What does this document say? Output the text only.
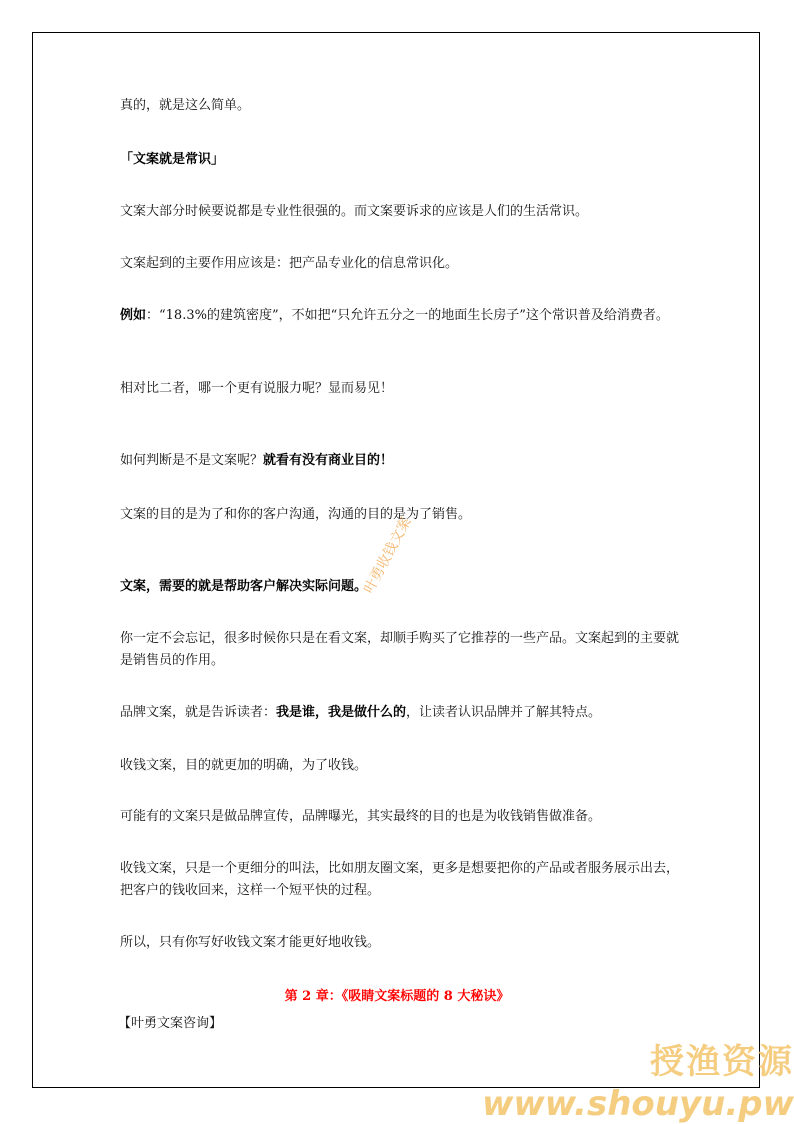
真的，就是这么简单。

「文案就是常识」

文案大部分时候要说都是专业性很强的。而文案要诉求的应该是人们的生活常识。

文案起到的主要作用应该是：把产品专业化的信息常识化。

例如：“18.3%的建筑密度”，不如把“只允许五分之一的地面生长房子”这个常识普及给消费者。

相对比二者，哪一个更有说服力呢？显而易见！

如何判断是不是文案呢？就看有没有商业目的！

文案的目的是为了和你的客户沟通，沟通的目的是为了销售。

文案，需要的就是帮助客户解决实际问题。

你一定不会忘记，很多时候你只是在看文案，却顺手购买了它推荐的一些产品。文案起到的主要就是销售员的作用。

品牌文案，就是告诉读者：我是谁，我是做什么的，让读者认识品牌并了解其特点。

收钱文案，目的就更加的明确，为了收钱。

可能有的文案只是做品牌宣传，品牌曝光，其实最终的目的也是为收钱销售做准备。

收钱文案，只是一个更细分的叫法，比如朋友圈文案，更多是想要把你的产品或者服务展示出去，把客户的钱收回来，这样一个短平快的过程。

所以，只有你写好收钱文案才能更好地收钱。

第 2 章：《吸睛文案标题的 8 大秘诀》
【叶勇文案咨询】
叶勇收钱文案
授渔资源
www.shouyu.pw
